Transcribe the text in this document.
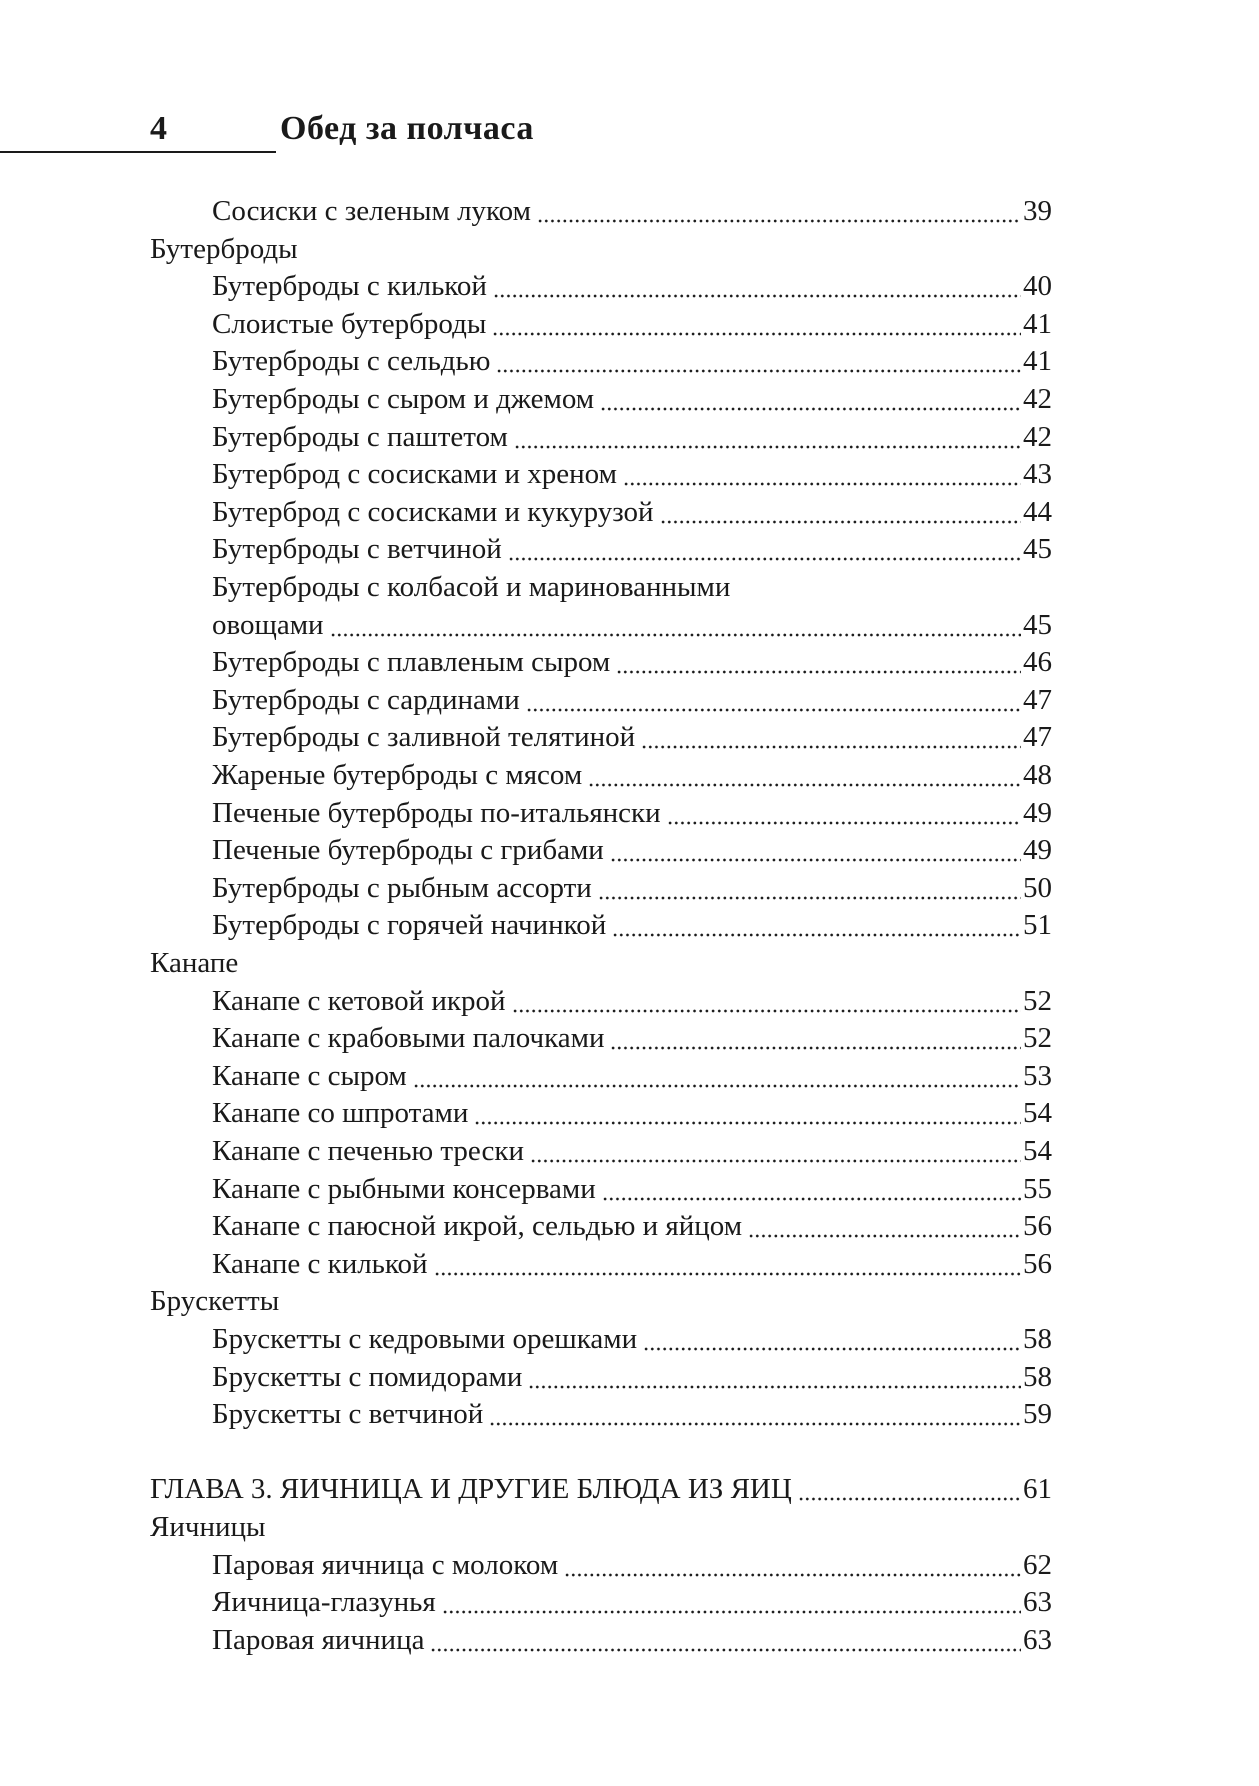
4	Обед за полчаса
Сосиски с зеленым луком	39
Бутерброды
Бутерброды с килькой	40
Слоистые бутерброды	41
Бутерброды с сельдью	41
Бутерброды с сыром и джемом	42
Бутерброды с паштетом	42
Бутерброд с сосисками и хреном	43
Бутерброд с сосисками и кукурузой	44
Бутерброды с ветчиной	45
Бутерброды с колбасой и маринованными
овощами	45
Бутерброды с плавленым сыром	46
Бутерброды с сардинами	47
Бутерброды с заливной телятиной	47
Жареные бутерброды с мясом	48
Печеные бутерброды по-итальянски	49
Печеные бутерброды с грибами	49
Бутерброды с рыбным ассорти	50
Бутерброды с горячей начинкой	51
Канапе
Канапе с кетовой икрой	52
Канапе с крабовыми палочками	52
Канапе с сыром	53
Канапе со шпротами	54
Канапе с печенью трески	54
Канапе с рыбными консервами	55
Канапе с паюсной икрой, сельдью и яйцом	56
Канапе с килькой	56
Брускетты
Брускетты с кедровыми орешками	58
Брускетты с помидорами	58
Брускетты с ветчиной	59
ГЛАВА 3. ЯИЧНИЦА И ДРУГИЕ БЛЮДА ИЗ ЯИЦ	61
Яичницы
Паровая яичница с молоком	62
Яичница-глазунья	63
Паровая яичница	63
